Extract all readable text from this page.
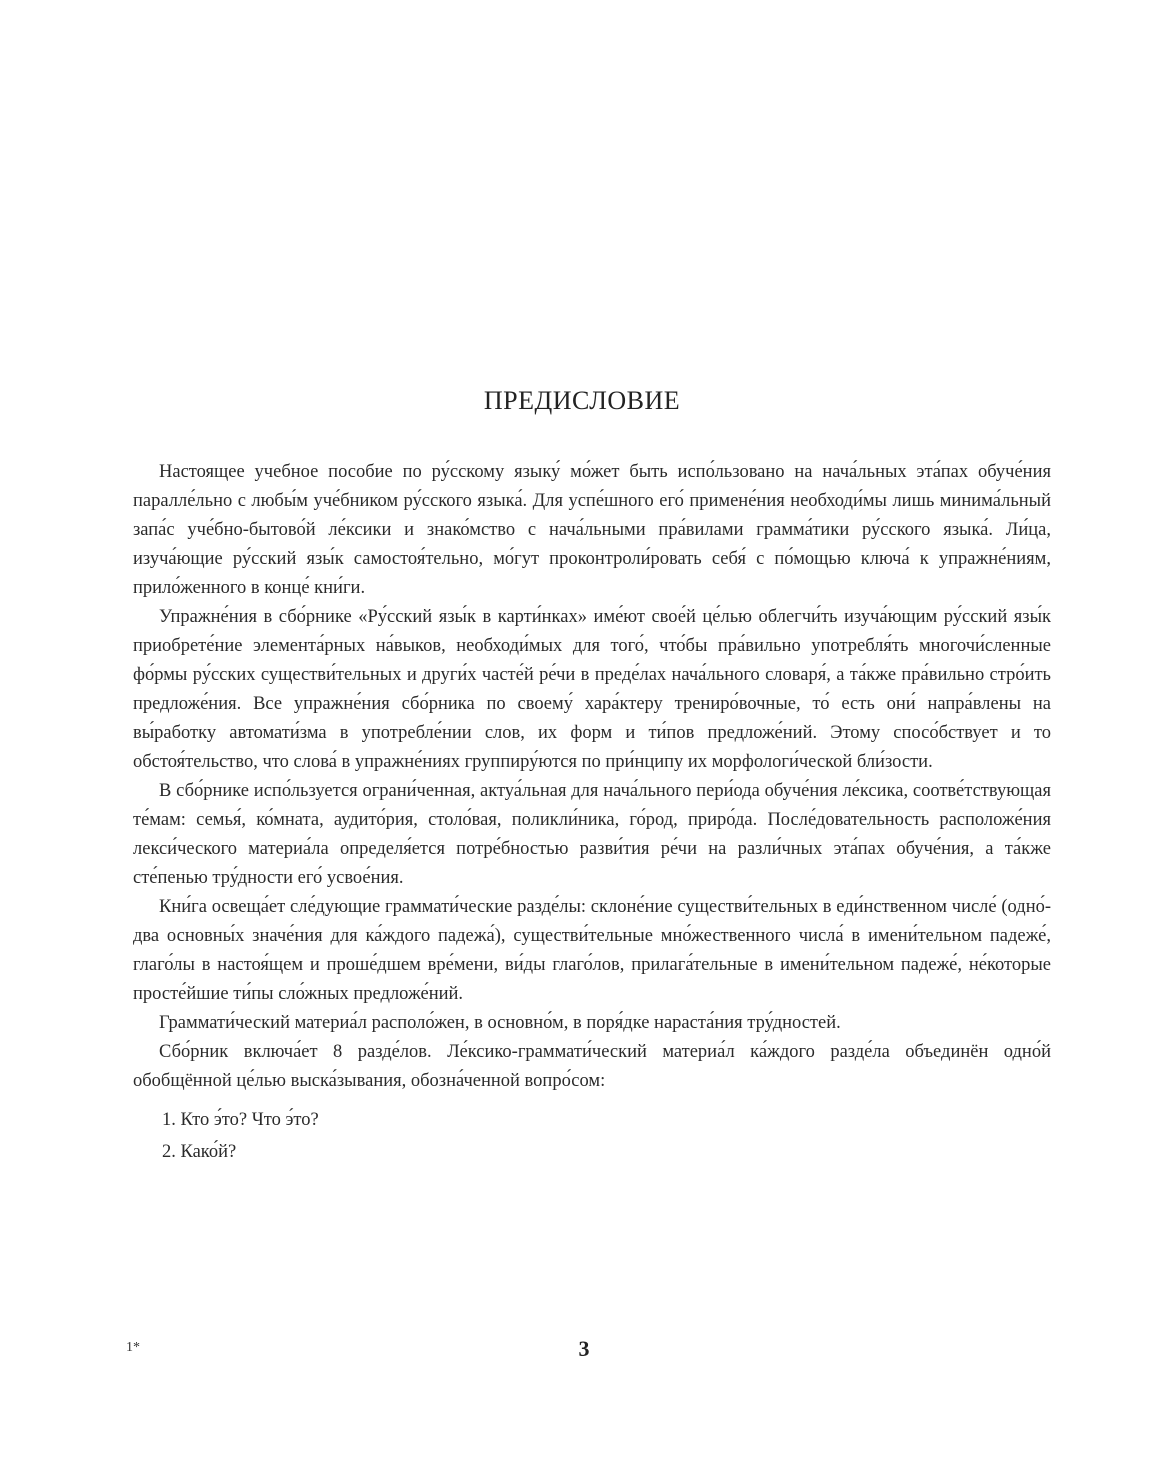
ПРЕДИСЛОВИЕ

Настоящее учебное пособие по ру́сскому языку́ мо́жет быть испо́льзовано на нача́льных эта́пах обуче́ния паралле́льно с любы́м уче́бником ру́сского языка́. Для успе́шного его́ примене́ния необходи́мы лишь минима́льный запа́с уче́бно-бытово́й ле́ксики и знако́мство с нача́льными пра́вилами грамма́тики ру́сского языка́. Ли́ца, изуча́ющие ру́сский язы́к самостоя́тельно, мо́гут проконтроли́ровать себя́ с по́мощью ключа́ к упражне́ниям, прило́женного в конце́ кни́ги.

Упражне́ния в сбо́рнике «Ру́сский язы́к в карти́нках» име́ют свое́й це́лью облегчи́ть изуча́ющим ру́сский язы́к приобрете́ние элемента́рных на́выков, необходи́мых для того́, что́бы пра́вильно употребля́ть многочи́сленные фо́рмы ру́сских существи́тельных и други́х часте́й ре́чи в преде́лах нача́льного словаря́, а та́кже пра́вильно стро́ить предложе́ния. Все упражне́ния сбо́рника по своему́ хара́ктеру трениро́вочные, то́ есть они́ напра́влены на вы́работку автомати́зма в употребле́нии слов, их форм и ти́пов предложе́ний. Этому спосо́бствует и то обстоя́тельство, что слова́ в упражне́ниях группиру́ются по при́нципу их морфологи́ческой бли́зости.

В сбо́рнике испо́льзуется ограни́ченная, актуа́льная для нача́льного пери́ода обуче́ния ле́ксика, соотве́тствующая те́мам: семья́, ко́мната, аудито́рия, столо́вая, поликли́ника, го́род, приро́да. После́довательность расположе́ния лекси́ческого материа́ла определя́ется потре́бностью разви́тия ре́чи на разли́чных эта́пах обуче́ния, а та́кже сте́пенью тру́дности его́ усвое́ния.

Кни́га освеща́ет сле́дующие граммати́ческие разде́лы: склоне́ние существи́тельных в еди́нственном числе́ (одно́-два основны́х значе́ния для ка́ждого падежа́), существи́тельные мно́жественного числа́ в имени́тельном падеже́, глаго́лы в настоя́щем и проше́дшем вре́мени, ви́ды глаго́лов, прилага́тельные в имени́тельном падеже́, не́которые просте́йшие ти́пы сло́жных предложе́ний.

Граммати́ческий материа́л располо́жен, в основно́м, в поря́дке нараста́ния тру́дностей.

Сбо́рник включа́ет 8 разде́лов. Ле́ксико-граммати́ческий материа́л ка́ждого разде́ла объединён одно́й обобщённой це́лью выска́зывания, обозна́ченной вопро́сом:

1. Кто э́то? Что э́то?
2. Како́й?
1*	3
